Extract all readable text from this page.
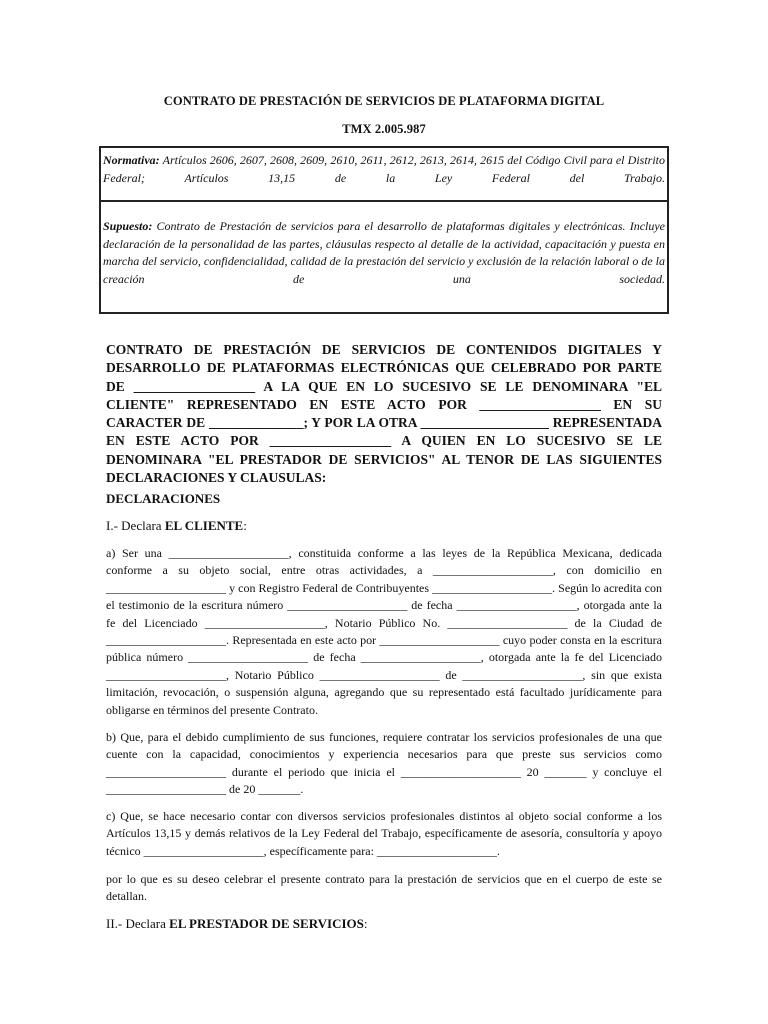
CONTRATO DE PRESTACIÓN DE SERVICIOS DE PLATAFORMA DIGITAL
TMX 2.005.987
Normativa: Artículos 2606, 2607, 2608, 2609, 2610, 2611, 2612, 2613, 2614, 2615 del Código Civil para el Distrito Federal; Artículos 13,15 de la Ley Federal del Trabajo.
Supuesto: Contrato de Prestación de servicios para el desarrollo de plataformas digitales y electrónicas. Incluye declaración de la personalidad de las partes, cláusulas respecto al detalle de la actividad, capacitación y puesta en marcha del servicio, confidencialidad, calidad de la prestación del servicio y exclusión de la relación laboral o de la creación de una sociedad.
CONTRATO DE PRESTACIÓN DE SERVICIOS DE CONTENIDOS DIGITALES Y DESARROLLO DE PLATAFORMAS ELECTRÓNICAS QUE CELEBRADO POR PARTE DE __________________ A LA QUE EN LO SUCESIVO SE LE DENOMINARA "EL CLIENTE" REPRESENTADO EN ESTE ACTO POR __________________ EN SU CARACTER DE ______________; Y POR LA OTRA ___________________ REPRESENTADA EN ESTE ACTO POR __________________ A QUIEN EN LO SUCESIVO SE LE DENOMINARA "EL PRESTADOR DE SERVICIOS" AL TENOR DE LAS SIGUIENTES DECLARACIONES Y CLAUSULAS:
DECLARACIONES
I.- Declara EL CLIENTE:
a) Ser una ____________________, constituida conforme a las leyes de la República Mexicana, dedicada conforme a su objeto social, entre otras actividades, a ____________________, con domicilio en ____________________ y con Registro Federal de Contribuyentes ____________________. Según lo acredita con el testimonio de la escritura número ____________________ de fecha ____________________, otorgada ante la fe del Licenciado ____________________, Notario Público No. ____________________ de la Ciudad de ____________________. Representada en este acto por ____________________ cuyo poder consta en la escritura pública número ____________________ de fecha ____________________, otorgada ante la fe del Licenciado ____________________, Notario Público ____________________ de ____________________, sin que exista limitación, revocación, o suspensión alguna, agregando que su representado está facultado jurídicamente para obligarse en términos del presente Contrato.
b) Que, para el debido cumplimiento de sus funciones, requiere contratar los servicios profesionales de una que cuente con la capacidad, conocimientos y experiencia necesarios para que preste sus servicios como ____________________ durante el periodo que inicia el ____________________ 20 _______ y concluye el ____________________ de 20 _______.
c) Que, se hace necesario contar con diversos servicios profesionales distintos al objeto social conforme a los Artículos 13,15 y demás relativos de la Ley Federal del Trabajo, específicamente de asesoría, consultoría y apoyo técnico ____________________, específicamente para: ____________________.
por lo que es su deseo celebrar el presente contrato para la prestación de servicios que en el cuerpo de este se detallan.
II.- Declara EL PRESTADOR DE SERVICIOS:
